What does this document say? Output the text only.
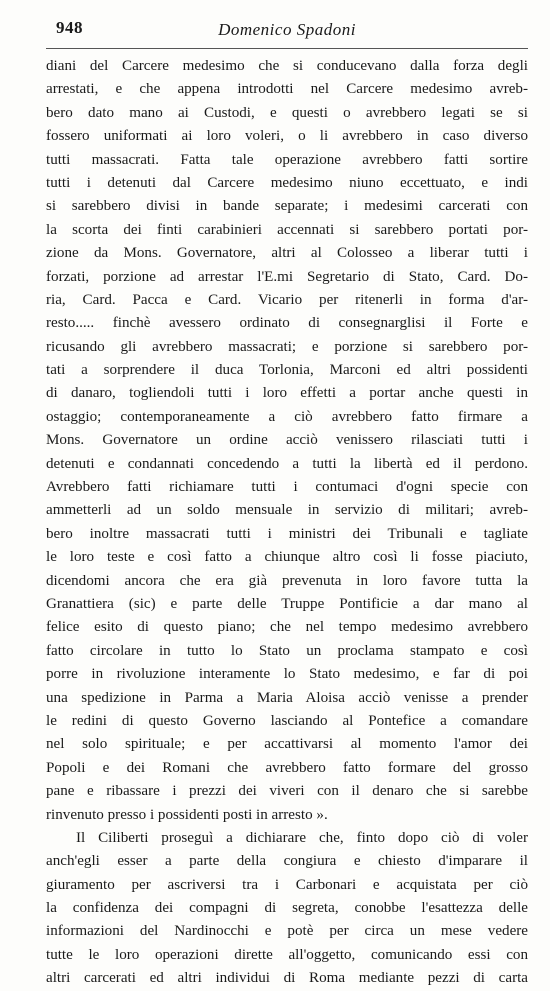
948	Domenico Spadoni
diani del Carcere medesimo che si conducevano dalla forza degli
arrestati, e che appena introdotti nel Carcere medesimo avreb-
bero dato mano ai Custodi, e questi o avrebbero legati se si
fossero uniformati ai loro voleri, o li avrebbero in caso diverso
tutti massacrati. Fatta tale operazione avrebbero fatti sortire
tutti i detenuti dal Carcere medesimo niuno eccettuato, e indi
si sarebbero divisi in bande separate; i medesimi carcerati con
la scorta dei finti carabinieri accennati si sarebbero portati por-
zione da Mons. Governatore, altri al Colosseo a liberar tutti i
forzati, porzione ad arrestar l'E.mi Segretario di Stato, Card. Do-
ria, Card. Pacca e Card. Vicario per ritenerli in forma d'ar-
resto..... finchè avessero ordinato di consegnarglisi il Forte e
ricusando gli avrebbero massacrati; e porzione si sarebbero por-
tati a sorprendere il duca Torlonia, Marconi ed altri possidenti
di danaro, togliendoli tutti i loro effetti a portar anche questi in
ostaggio; contemporaneamente a ciò avrebbero fatto firmare a
Mons. Governatore un ordine acciò venissero rilasciati tutti i
detenuti e condannati concedendo a tutti la libertà ed il perdono.
Avrebbero fatti richiamare tutti i contumaci d'ogni specie con
ammetterli ad un soldo mensuale in servizio di militari; avreb-
bero inoltre massacrati tutti i ministri dei Tribunali e tagliate
le loro teste e così fatto a chiunque altro così li fosse piaciuto,
dicendomi ancora che era già prevenuta in loro favore tutta la
Granattiera (sic) e parte delle Truppe Pontificie a dar mano al
felice esito di questo piano; che nel tempo medesimo avrebbero
fatto circolare in tutto lo Stato un proclama stampato e così
porre in rivoluzione interamente lo Stato medesimo, e far di poi
una spedizione in Parma a Maria Aloisa acciò venisse a prender
le redini di questo Governo lasciando al Pontefice a comandare
nel solo spirituale; e per accattivarsi al momento l'amor dei
Popoli e dei Romani che avrebbero fatto formare del grosso
pane e ribassare i prezzi dei viveri con il denaro che si sarebbe
rinvenuto presso i possidenti posti in arresto ».
Il Ciliberti proseguì a dichiarare che, finto dopo ciò di voler
anch'egli esser a parte della congiura e chiesto d'imparare il
giuramento per ascriversi tra i Carbonari e acquistata per ciò
la confidenza dei compagni di segreta, conobbe l'esattezza delle
informazioni del Nardinocchi e potè per circa un mese vedere
tutte le loro operazioni dirette all'oggetto, comunicando essi con
altri carcerati ed altri individui di Roma mediante pezzi di carta
